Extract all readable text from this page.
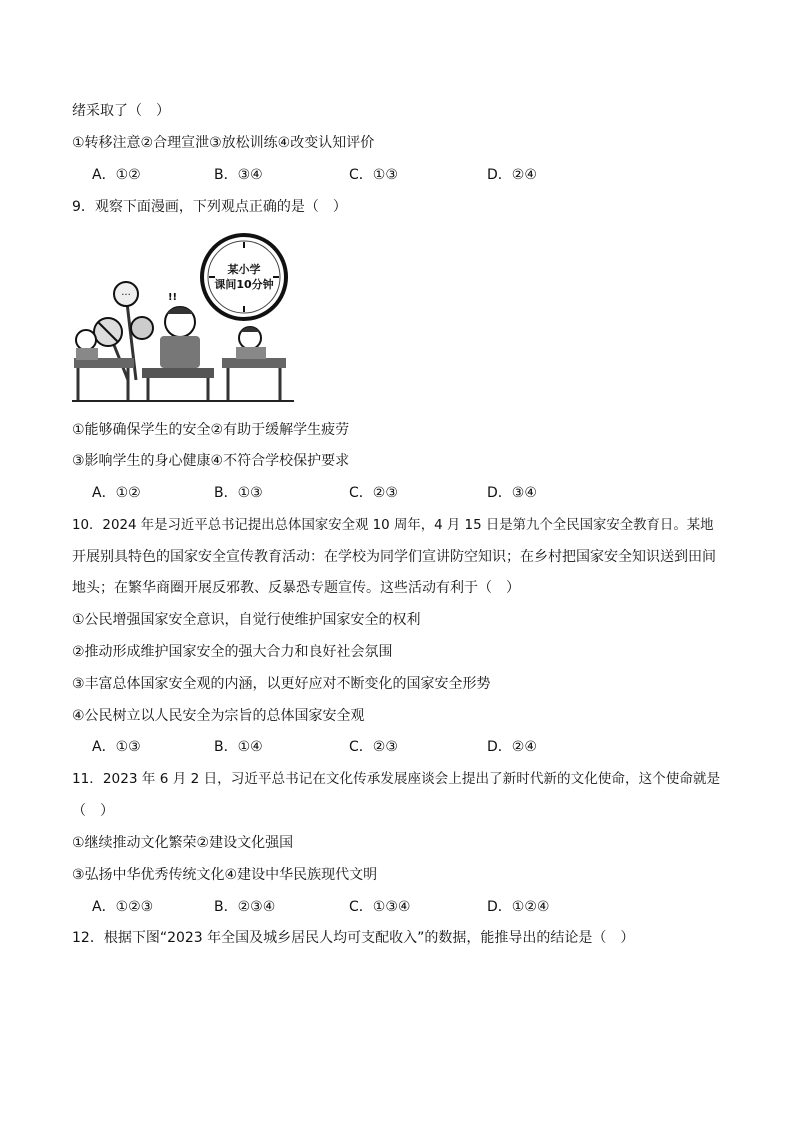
绪采取了（　）
①转移注意②合理宣泄③放松训练④改变认知评价
A．①②	B．③④	C．①③	D．②④
9．观察下面漫画，下列观点正确的是（　）
某小学
课间10分钟
···	!!
①能够确保学生的安全②有助于缓解学生疲劳
③影响学生的身心健康④不符合学校保护要求
A．①②	B．①③	C．②③	D．③④
10．2024 年是习近平总书记提出总体国家安全观 10 周年，4 月 15 日是第九个全民国家安全教育日。某地
开展别具特色的国家安全宣传教育活动：在学校为同学们宣讲防空知识；在乡村把国家安全知识送到田间
地头；在繁华商圈开展反邪教、反暴恐专题宣传。这些活动有利于（　）
①公民增强国家安全意识，自觉行使维护国家安全的权利
②推动形成维护国家安全的强大合力和良好社会氛围
③丰富总体国家安全观的内涵，以更好应对不断变化的国家安全形势
④公民树立以人民安全为宗旨的总体国家安全观
A．①③	B．①④	C．②③	D．②④
11．2023 年 6 月 2 日，习近平总书记在文化传承发展座谈会上提出了新时代新的文化使命，这个使命就是
（　）
①继续推动文化繁荣②建设文化强国
③弘扬中华优秀传统文化④建设中华民族现代文明
A．①②③	B．②③④	C．①③④	D．①②④
12．根据下图“2023 年全国及城乡居民人均可支配收入”的数据，能推导出的结论是（　）
